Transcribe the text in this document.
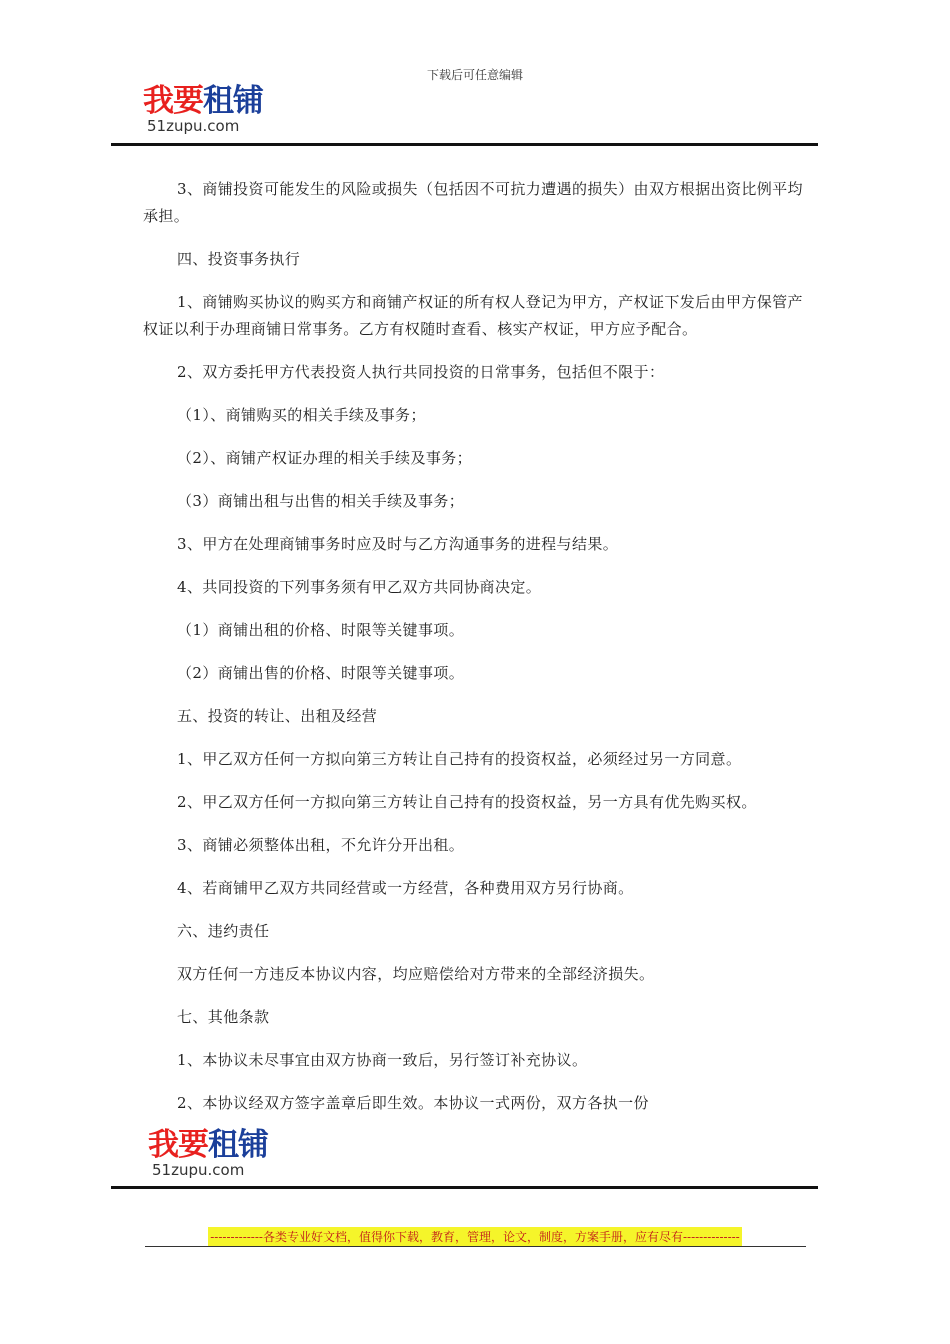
下载后可任意编辑
我要租铺
51zupu.com

3、商铺投资可能发生的风险或损失（包括因不可抗力遭遇的损失）由双方根据出资比例平均承担。

四、投资事务执行

1、商铺购买协议的购买方和商铺产权证的所有权人登记为甲方，产权证下发后由甲方保管产权证以利于办理商铺日常事务。乙方有权随时查看、核实产权证，甲方应予配合。

2、双方委托甲方代表投资人执行共同投资的日常事务，包括但不限于：

（1）、商铺购买的相关手续及事务；

（2）、商铺产权证办理的相关手续及事务；

（3）商铺出租与出售的相关手续及事务；

3、甲方在处理商铺事务时应及时与乙方沟通事务的进程与结果。

4、共同投资的下列事务须有甲乙双方共同协商决定。

（1）商铺出租的价格、时限等关键事项。

（2）商铺出售的价格、时限等关键事项。

五、投资的转让、出租及经营

1、甲乙双方任何一方拟向第三方转让自己持有的投资权益，必须经过另一方同意。

2、甲乙双方任何一方拟向第三方转让自己持有的投资权益，另一方具有优先购买权。

3、商铺必须整体出租，不允许分开出租。

4、若商铺甲乙双方共同经营或一方经营，各种费用双方另行协商。

六、违约责任

双方任何一方违反本协议内容，均应赔偿给对方带来的全部经济损失。

七、其他条款

1、本协议未尽事宜由双方协商一致后，另行签订补充协议。

2、本协议经双方签字盖章后即生效。本协议一式两份，双方各执一份

我要租铺
51zupu.com
-------------各类专业好文档，值得你下载，教育，管理，论文，制度，方案手册，应有尽有--------------
